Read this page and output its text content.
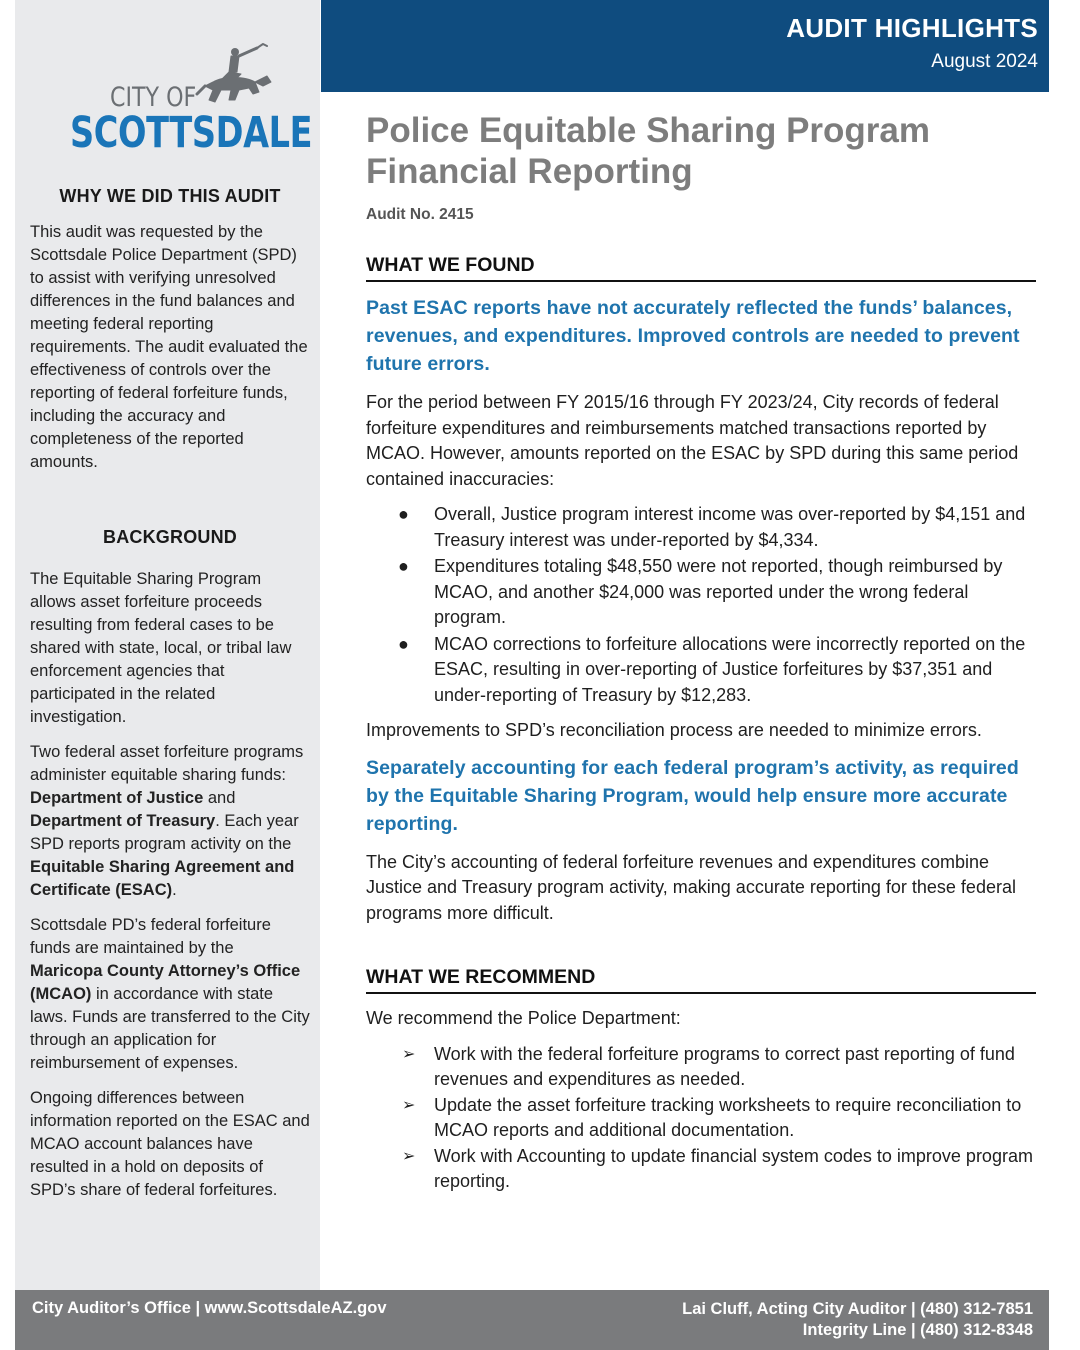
CITY OF
SCOTTSDALE
WHY WE DID THIS AUDIT

This audit was requested by the Scottsdale Police Department (SPD) to assist with verifying unresolved differences in the fund balances and meeting federal reporting requirements. The audit evaluated the effectiveness of controls over the reporting of federal forfeiture funds, including the accuracy and completeness of the reported amounts.

BACKGROUND

The Equitable Sharing Program allows asset forfeiture proceeds resulting from federal cases to be shared with state, local, or tribal law enforcement agencies that participated in the related investigation.

Two federal asset forfeiture programs administer equitable sharing funds: Department of Justice and Department of Treasury. Each year SPD reports program activity on the Equitable Sharing Agreement and Certificate (ESAC).

Scottsdale PD’s federal forfeiture funds are maintained by the Maricopa County Attorney’s Office (MCAO) in accordance with state laws. Funds are transferred to the City through an application for reimbursement of expenses.

Ongoing differences between information reported on the ESAC and MCAO account balances have resulted in a hold on deposits of SPD’s share of federal forfeitures.

AUDIT HIGHLIGHTS
August 2024
Police Equitable Sharing Program Financial Reporting
Audit No. 2415
WHAT WE FOUND

Past ESAC reports have not accurately reflected the funds’ balances, revenues, and expenditures. Improved controls are needed to prevent future errors.

For the period between FY 2015/16 through FY 2023/24, City records of federal forfeiture expenditures and reimbursements matched transactions reported by MCAO. However, amounts reported on the ESAC by SPD during this same period contained inaccuracies:

● Overall, Justice program interest income was over-reported by $4,151 and Treasury interest was under-reported by $4,334.
● Expenditures totaling $48,550 were not reported, though reimbursed by MCAO, and another $24,000 was reported under the wrong federal program.
● MCAO corrections to forfeiture allocations were incorrectly reported on the ESAC, resulting in over-reporting of Justice forfeitures by $37,351 and under-reporting of Treasury by $12,283.

Improvements to SPD’s reconciliation process are needed to minimize errors.

Separately accounting for each federal program’s activity, as required by the Equitable Sharing Program, would help ensure more accurate reporting.

The City’s accounting of federal forfeiture revenues and expenditures combine Justice and Treasury program activity, making accurate reporting for these federal programs more difficult.

WHAT WE RECOMMEND

We recommend the Police Department:

➢ Work with the federal forfeiture programs to correct past reporting of fund revenues and expenditures as needed.
➢ Update the asset forfeiture tracking worksheets to require reconciliation to MCAO reports and additional documentation.
➢ Work with Accounting to update financial system codes to improve program reporting.
City Auditor’s Office | www.ScottsdaleAZ.gov	Lai Cluff, Acting City Auditor | (480) 312-7851
Integrity Line | (480) 312-8348
